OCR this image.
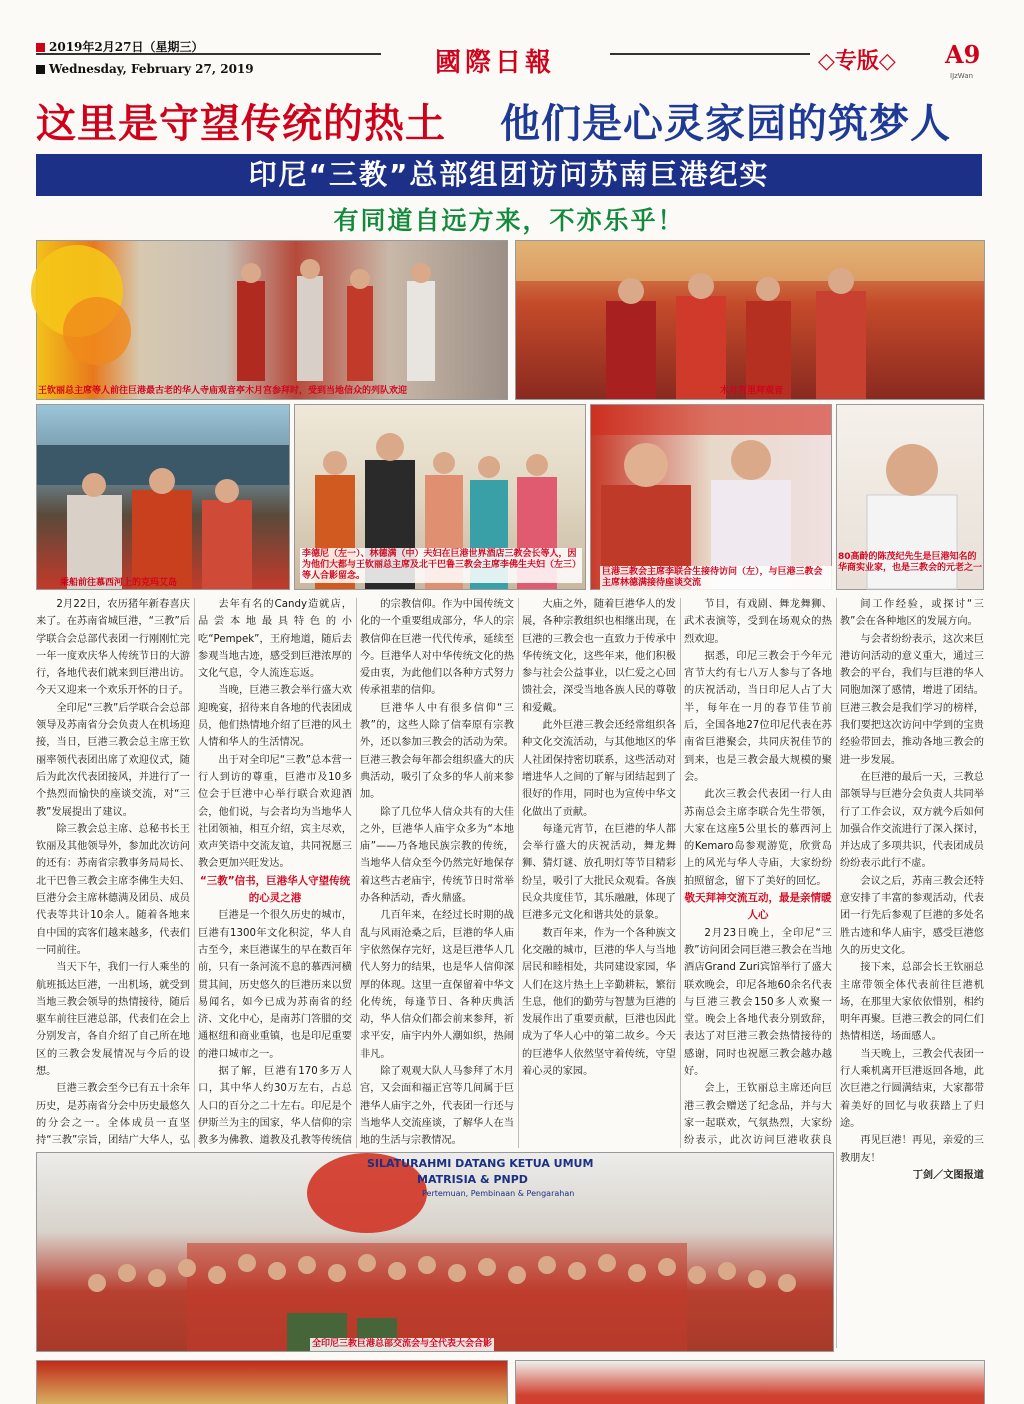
2019年2月27日（星期三）
Wednesday, February 27, 2019	國際日報	◇专版◇ A9
IJzWan
这里是守望传统的热土 他们是心灵家园的筑梦人
印尼“三教”总部组团访问苏南巨港纪实
有同道自远方来，不亦乐乎！
王钦丽总主席等人前往巨港最古老的华人寺庙观音亭木月宫参拜时，受到当地信众的列队欢迎	木月宫里拜观音
乘船前往慕西河上的克玛艾岛
李德尼（左一）、林德满（中）夫妇在巨港世界酒店三教会长等人，因为他们大都与王钦丽总主席及北干巴鲁三教会主席李佛生夫妇（左三）等人合影留念。	巨港三教会主席李联合生接待访问（左），与巨港三教会主席林德满接待座谈交流
80高龄的陈茂纪先生是巨港知名的华商实业家，也是三教会的元老之一

2月22日，农历猪年新春喜庆来了。在苏南省城巨港，“三教”后学联合会总部代表团一行刚刚忙完一年一度欢庆华人传统节日的大游行，各地代表们就来到巨港出访。今天又迎来一个欢乐开怀的日子。

全印尼“三教”后学联合会总部领导及苏南省分会负责人在机场迎接，当日，巨港三教会总主席王钦丽率领代表团出席了欢迎仪式，随后为此次代表团接风，并进行了一个热烈而愉快的座谈交流，对“三教”发展提出了建议。

除三教会总主席、总秘书长王钦丽及其他领导外，参加此次访问的还有：苏南省宗教事务局局长、北干巴鲁三教会主席李佛生夫妇、巨港分会主席林德满及团员、成员代表等共计10余人。随着各地来自中国的宾客们越来越多，代表们一同前往。

当天下午，我们一行人乘坐的航班抵达巨港，一出机场，就受到当地三教会领导的热情接待，随后驱车前往巨港总部，代表们在会上分别发言，各自介绍了自己所在地区的三教会发展情况与今后的设想。

巨港三教会至今已有五十余年历史，是苏南省分会中历史最悠久的分会之一。全体成员一直坚持“三教”宗旨，团结广大华人，弘

去年有名的Candy造就店，品尝本地最具特色的小吃“Pempek”，王府地道，随后去参观当地古迹，感受到巨港浓厚的文化气息，令人流连忘返。

当晚，巨港三教会举行盛大欢迎晚宴，招待来自各地的代表团成员，他们热情地介绍了巨港的风土人情和华人的生活情况。

出于对全印尼“三教”总本营一行人到访的尊重，巨港市及10多位会于巨港中心举行联合欢迎酒会，他们说，与会者均为当地华人社团领袖，相互介绍，宾主尽欢，欢声笑语中交流友谊，共同祝愿三教会更加兴旺发达。

“三教”信书，巨港华人守望传统的心灵之港

巨港是一个很久历史的城市，巨港有1300年文化积淀，华人自古至今，来巨港谋生的早在数百年前，只有一条河流不息的慕西河横贯其间，历史悠久的巨港历来以贸易闻名，如今已成为苏南省的经济、文化中心，是南苏门答腊的交通枢纽和商业重镇，也是印尼重要的港口城市之一。

据了解，巨港有170多万人口，其中华人约30万左右，占总人口的百分之二十左右。印尼是个伊斯兰为主的国家，华人信仰的宗教多为佛教、道教及孔教等传统信

的宗教信仰。作为中国传统文化的一个重要组成部分，华人的宗教信仰在巨港一代代传承，延续至今。巨港华人对中华传统文化的热爱由衷，为此他们以各种方式努力传承祖辈的信仰。

巨港华人中有很多信仰“三教”的，这些人除了信奉原有宗教外，还以参加三教会的活动为荣。巨港三教会每年都会组织盛大的庆典活动，吸引了众多的华人前来参加。

除了几位华人信众共有的大佳之外，巨港华人庙宇众多为“本地庙”——乃各地民族宗教的传统，当地华人信众至今仍然完好地保存着这些古老庙宇，传统节日时常举办各种活动，香火鼎盛。

几百年来，在经过长时期的战乱与风雨沧桑之后，巨港的华人庙宇依然保存完好，这是巨港华人几代人努力的结果，也是华人信仰深厚的体现。这里一直保留着中华文化传统，每逢节日、各种庆典活动，华人信众们都会前来参拜，祈求平安，庙宇内外人潮如织，热闹非凡。

除了观观大队人马参拜了木月宫，又会面和福正宫等几间属于巨港华人庙宇之外，代表团一行还与当地华人交流座谈，了解华人在当地的生活与宗教情况。

大庙之外，随着巨港华人的发展，各种宗教组织也相继出现，在巨港的三教会也一直致力于传承中华传统文化，这些年来，他们积极参与社会公益事业，以仁爱之心回馈社会，深受当地各族人民的尊敬和爱戴。

此外巨港三教会还经常组织各种文化交流活动，与其他地区的华人社团保持密切联系，这些活动对增进华人之间的了解与团结起到了很好的作用，同时也为宣传中华文化做出了贡献。

每逢元宵节，在巨港的华人都会举行盛大的庆祝活动，舞龙舞狮、猜灯谜、放孔明灯等节目精彩纷呈，吸引了大批民众观看。各族民众共度佳节，其乐融融，体现了巨港多元文化和谐共处的景象。

数百年来，作为一个各种族文化交融的城市，巨港的华人与当地居民和睦相处，共同建设家园，华人们在这片热土上辛勤耕耘，繁衍生息，他们的勤劳与智慧为巨港的发展作出了重要贡献，巨港也因此成为了华人心中的第二故乡。今天的巨港华人依然坚守着传统，守望着心灵的家园。

节目，有戏剧、舞龙舞狮、武术表演等，受到在场观众的热烈欢迎。

据悉，印尼三教会于今年元宵节大约有七八万人参与了各地的庆祝活动，当日印尼人占了大半，每年在一月的春节佳节前后，全国各地27位印尼代表在苏南省巨港聚会，共同庆祝佳节的到来，也是三教会最大规模的聚会。

此次三教会代表团一行人由苏南总会主席李联合先生带领，大家在这座5公里长的慕西河上的Kemaro岛参观游览，欣赏岛上的风光与华人寺庙，大家纷纷拍照留念，留下了美好的回忆。

敬天拜神交流互动，最是亲情暖人心

2月23日晚上，全印尼“三教”访问团会同巨港三教会在当地酒店Grand Zuri宾馆举行了盛大联欢晚会，印尼各地60余名代表与巨港三教会150多人欢聚一堂。晚会上各地代表分别致辞，表达了对巨港三教会热情接待的感谢，同时也祝愿三教会越办越好。

会上，王钦丽总主席还向巨港三教会赠送了纪念品，并与大家一起联欢，气氛热烈，大家纷纷表示，此次访问巨港收获良

间工作经验，或探讨“三教”会在各种地区的发展方向。

与会者纷纷表示，这次来巨港访问活动的意义重大，通过三教会的平台，我们与巨港的华人同胞加深了感情，增进了团结。巨港三教会是我们学习的榜样，我们要把这次访问中学到的宝贵经验带回去，推动各地三教会的进一步发展。

在巨港的最后一天，三教总部领导与巨港分会负责人共同举行了工作会议，双方就今后如何加强合作交流进行了深入探讨，并达成了多项共识，代表团成员纷纷表示此行不虚。

会议之后，苏南三教会还特意安排了丰富的参观活动，代表团一行先后参观了巨港的多处名胜古迹和华人庙宇，感受巨港悠久的历史文化。

接下来，总部会长王钦丽总主席带领全体代表前往巨港机场，在那里大家依依惜别，相约明年再聚。巨港三教会的同仁们热情相送，场面感人。

当天晚上，三教会代表团一行人乘机离开巨港返回各地，此次巨港之行圆满结束，大家都带着美好的回忆与收获踏上了归途。

再见巨港！再见，亲爱的三教朋友！

丁剑／文图报道

SILATURAHMI DATANG KETUA UMUM
MATRISIA & PNPD
Pertemuan, Pembinaan & Pengarahan
全印尼三教巨港总部交流会与全代表大会合影
